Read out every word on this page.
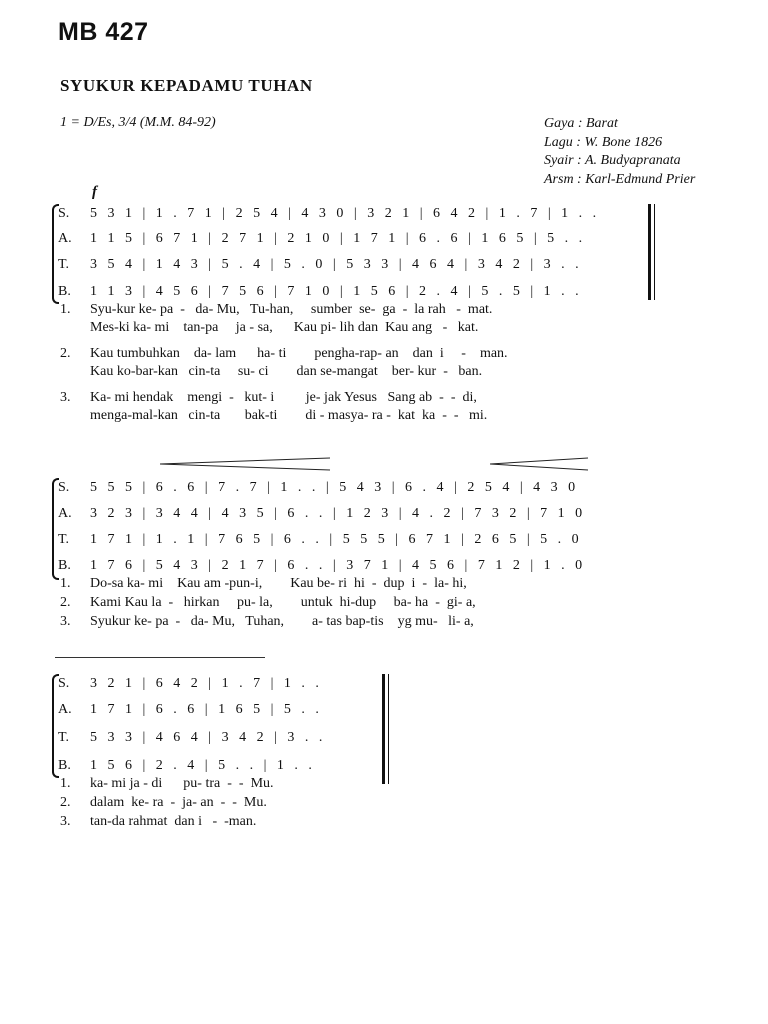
MB 427
SYUKUR KEPADAMU TUHAN
1 = D/Es, 3/4 (M.M. 84-92)	Gaya : Barat
Lagu : W. Bone 1826
Syair : A. Budyapranata
Arsm : Karl-Edmund Prier
f
S. 5 3 1 | 1 . 7 1 | 2 5 4 | 4 3 0 | 3 2 1 | 6 4 2 | 1 . 7 | 1 . .
A. 1 1 5 | 6 7 1 | 2 7 1 | 2 1 0 | 1 7 1 | 6 . 6 | 1 6 5 | 5 . .
T. 3 5 4 | 1 4 3 | 5 . 4 | 5 . 0 | 5 3 3 | 4 6 4 | 3 4 2 | 3 . .
B. 1 1 3 | 4 5 6 | 7 5 6 | 7 1 0 | 1 5 6 | 2 . 4 | 5 . 5 | 1 . .
1. Syu-kur ke- pa  -   da- Mu,   Tu-han,     sumber  se-  ga  -  la rah   -  mat.
Mes-ki ka- mi    tan-pa     ja - sa,      Kau pi- lih dan  Kau ang   -   kat.
2. Kau tumbuhkan    da- lam      ha- ti        pengha-rap- an    dan  i     -    man.
Kau ko-bar-kan   cin-ta     su- ci        dan se-mangat    ber- kur  -   ban.
3. Ka- mi hendak    mengi  -   kut- i         je- jak Yesus   Sang ab  -  -  di,
menga-mal-kan   cin-ta       bak-ti        di - masya- ra -  kat  ka  -  -   mi.
S. 5 5 5 | 6 . 6 | 7 . 7 | 1 . . | 5 4 3 | 6 . 4 | 2 5 4 | 4 3 0
A. 3 2 3 | 3 4 4 | 4 3 5 | 6 . . | 1 2 3 | 4 . 2 | 7 3 2 | 7 1 0
T. 1 7 1 | 1 . 1 | 7 6 5 | 6 . . | 5 5 5 | 6 7 1 | 2 6 5 | 5 . 0
B. 1 7 6 | 5 4 3 | 2 1 7 | 6 . . | 3 7 1 | 4 5 6 | 7 1 2 | 1 . 0
1. Do-sa ka- mi    Kau am -pun-i,        Kau be- ri  hi  -  dup  i  -  la- hi,
2. Kami Kau la  -   hirkan     pu- la,        untuk  hi-dup     ba- ha  -  gi- a,
3. Syukur ke- pa  -   da- Mu,   Tuhan,        a- tas bap-tis    yg mu-   li- a,
S. 3 2 1 | 6 4 2 | 1 . 7 | 1 . .
A. 1 7 1 | 6 . 6 | 1 6 5 | 5 . .
T. 5 3 3 | 4 6 4 | 3 4 2 | 3 . .
B. 1 5 6 | 2 . 4 | 5 . . | 1 . .
1. ka- mi ja - di      pu- tra  -  -  Mu.
2. dalam  ke- ra  -  ja- an  -  -  Mu.
3. tan-da rahmat  dan i   -  -man.
